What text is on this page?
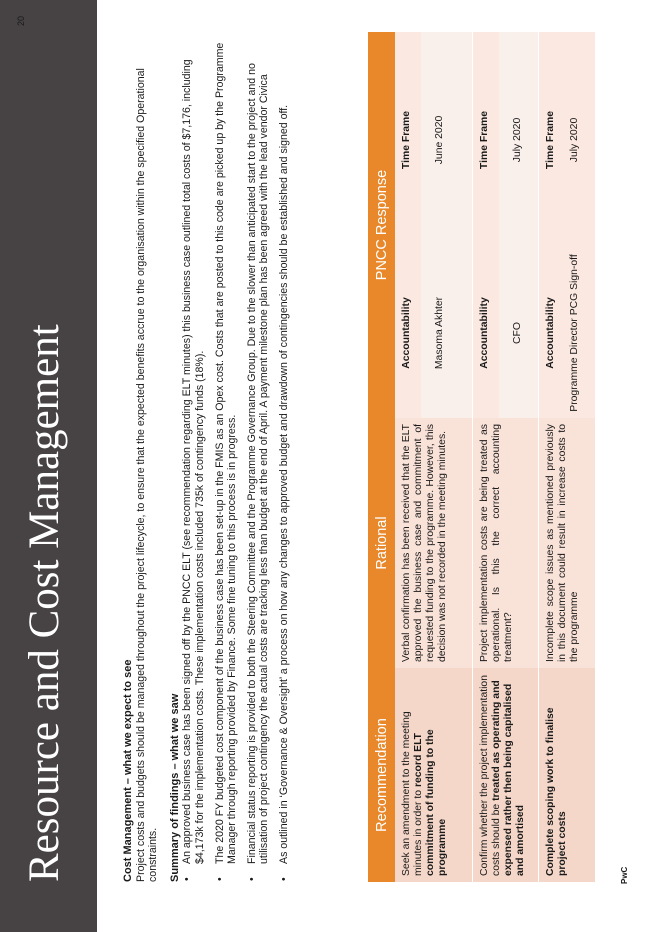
Resource and Cost Management
20

Cost Management – what we expect to see Project costs and budgets should be managed throughout the project lifecycle, to ensure that the expected benefits accrue to the organisation within the specified Operational constraints. Summary of findings – what we saw • An approved business case has been signed off by the PNCC ELT (see recommendation regarding ELT minutes) this business case outlined total costs of $7,176, including $4,173k for the implementation costs. These implementation costs included 735k of contingency funds (18%). • The 2020 FY budgeted cost component of the business case has been set-up in the FMIS as an Opex cost. Costs that are posted to this code are picked up by the Programme Manager through reporting provided by Finance. Some fine tuning to this process is in progress. • Financial status reporting is provided to both the Steering Committee and the Programme Governance Group. Due to the slower than anticipated start to the project and no utilisation of project contingency the actual costs are tracking less than budget at the end of April. A payment milestone plan has been agreed with the lead vendor Civica • As outlined in ‘Governance & Oversight’ a process on how any changes to approved budget and drawdown of contingencies should be established and signed off.	Recommendation	Rational	PNCC Response	
Seek an amendment to the meeting minutes in order to record ELT commitment of funding to the programme	Verbal confirmation has been received that the ELT approved the business case and commitment of requested funding to the programme. However, this decision was not recorded in the meeting minutes.	Accountability	Time Frame
		Masoma Akhter	June 2020
Confirm whether the project implementation costs should be treated as operating and expensed rather then being capitalised and amortised	Project implementation costs are being treated as operational. Is this the correct accounting treatment?	Accountability	Time Frame
		CFO	July 2020
Complete scoping work to finalise project costs	Incomplete scope issues as mentioned previously in this document could result in increase costs to the programme	Accountability	Time Frame
		Programme Director PCG Sign-off	July 2020
PwC
